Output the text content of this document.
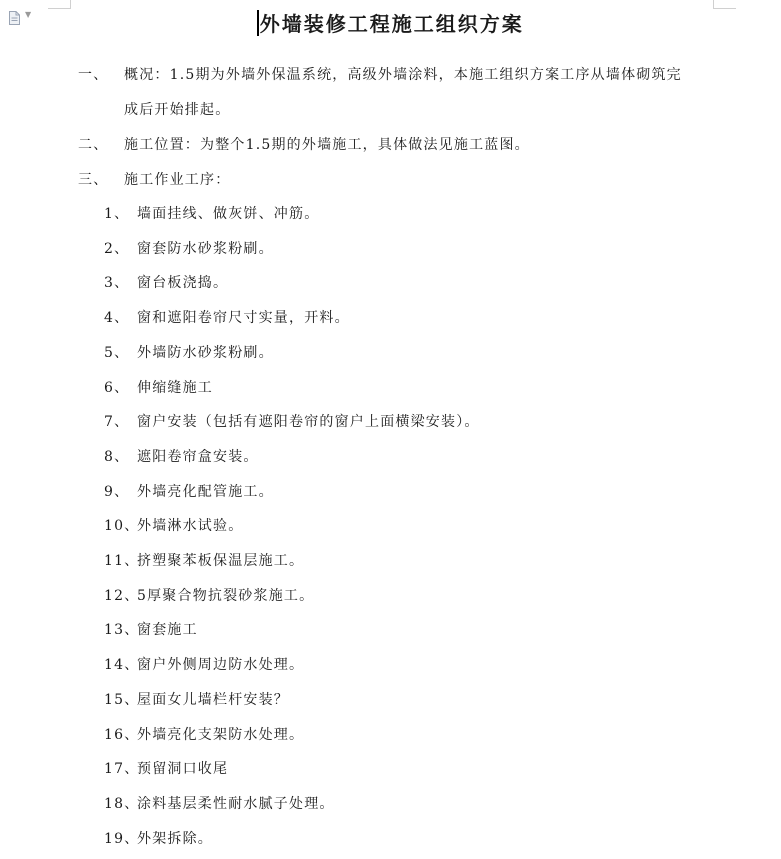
▼	外墙装修工程施工组织方案
概况：1.5期为外墙外保温系统，高级外墙涂料，本施工组织方案工序从墙体砌筑完
一、
成后开始排起。
二、 施工位置：为整个1.5期的外墙施工，具体做法见施工蓝图。
三、 施工作业工序：
1、 墙面挂线、做灰饼、冲筋。
2、 窗套防水砂浆粉刷。
3、 窗台板浇捣。
4、 窗和遮阳卷帘尺寸实量，开料。
5、 外墙防水砂浆粉刷。
6、 伸缩缝施工
7、 窗户安装（包括有遮阳卷帘的窗户上面横梁安装）。
8、 遮阳卷帘盒安装。
9、 外墙亮化配管施工。
10、
外墙淋水试验。
11、
挤塑聚苯板保温层施工。
12、
5厚聚合物抗裂砂浆施工。
13、
窗套施工
14、
窗户外侧周边防水处理。
15、
屋面女儿墙栏杆安装？
16、
外墙亮化支架防水处理。
17、
预留洞口收尾
18、
涂料基层柔性耐水腻子处理。
19、
外架拆除。
